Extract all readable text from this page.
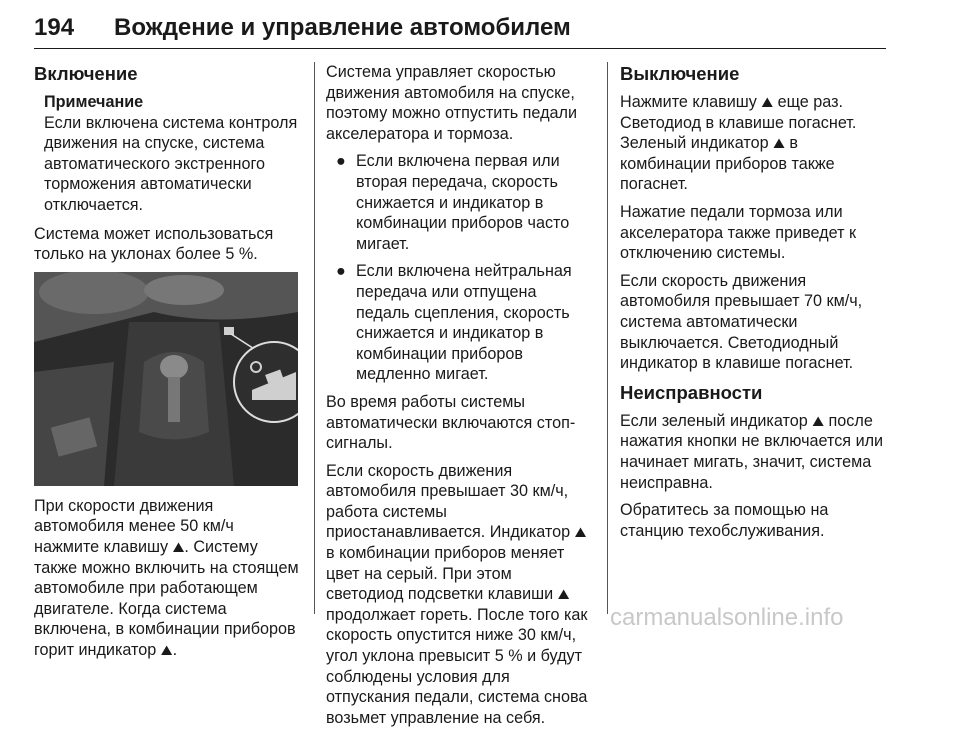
194 Вождение и управление автомобилем
Включение
Примечание
Если включена система контроля движения на спуске, система автоматического экстренного торможения автоматически отключается.

Система может использоваться только на уклонах более 5 %.

При скорости движения автомобиля менее 50 км/ч нажмите клавишу ⛰. Систему также можно включить на стоящем автомобиле при работающем двигателе. Когда система включена, в комбинации приборов горит индикатор ⛰.

Система управляет скоростью движения автомобиля на спуске, поэтому можно отпустить педали акселератора и тормоза.

● Если включена первая или вторая передача, скорость снижается и индикатор в комбинации приборов часто мигает.
● Если включена нейтральная передача или отпущена педаль сцепления, скорость снижается и индикатор в комбинации приборов медленно мигает.

Во время работы системы автоматически включаются стоп-сигналы.

Если скорость движения автомобиля превышает 30 км/ч, работа системы приостанавливается. Индикатор ⛰ в комбинации приборов меняет цвет на серый. При этом светодиод подсветки клавиши ⛰ продолжает гореть. После того как скорость опустится ниже 30 км/ч, угол уклона превысит 5 % и будут соблюдены условия для отпускания педали, система снова возьмет управление на себя.

Выключение

Нажмите клавишу ⛰ еще раз. Светодиод в клавише погаснет. Зеленый индикатор ⛰ в комбинации приборов также погаснет.

Нажатие педали тормоза или акселератора также приведет к отключению системы.

Если скорость движения автомобиля превышает 70 км/ч, система автоматически выключается. Светодиодный индикатор в клавише погаснет.

Неисправности

Если зеленый индикатор ⛰ после нажатия кнопки не включается или начинает мигать, значит, система неисправна.

Обратитесь за помощью на станцию техобслуживания.

carmanualsonline.info
